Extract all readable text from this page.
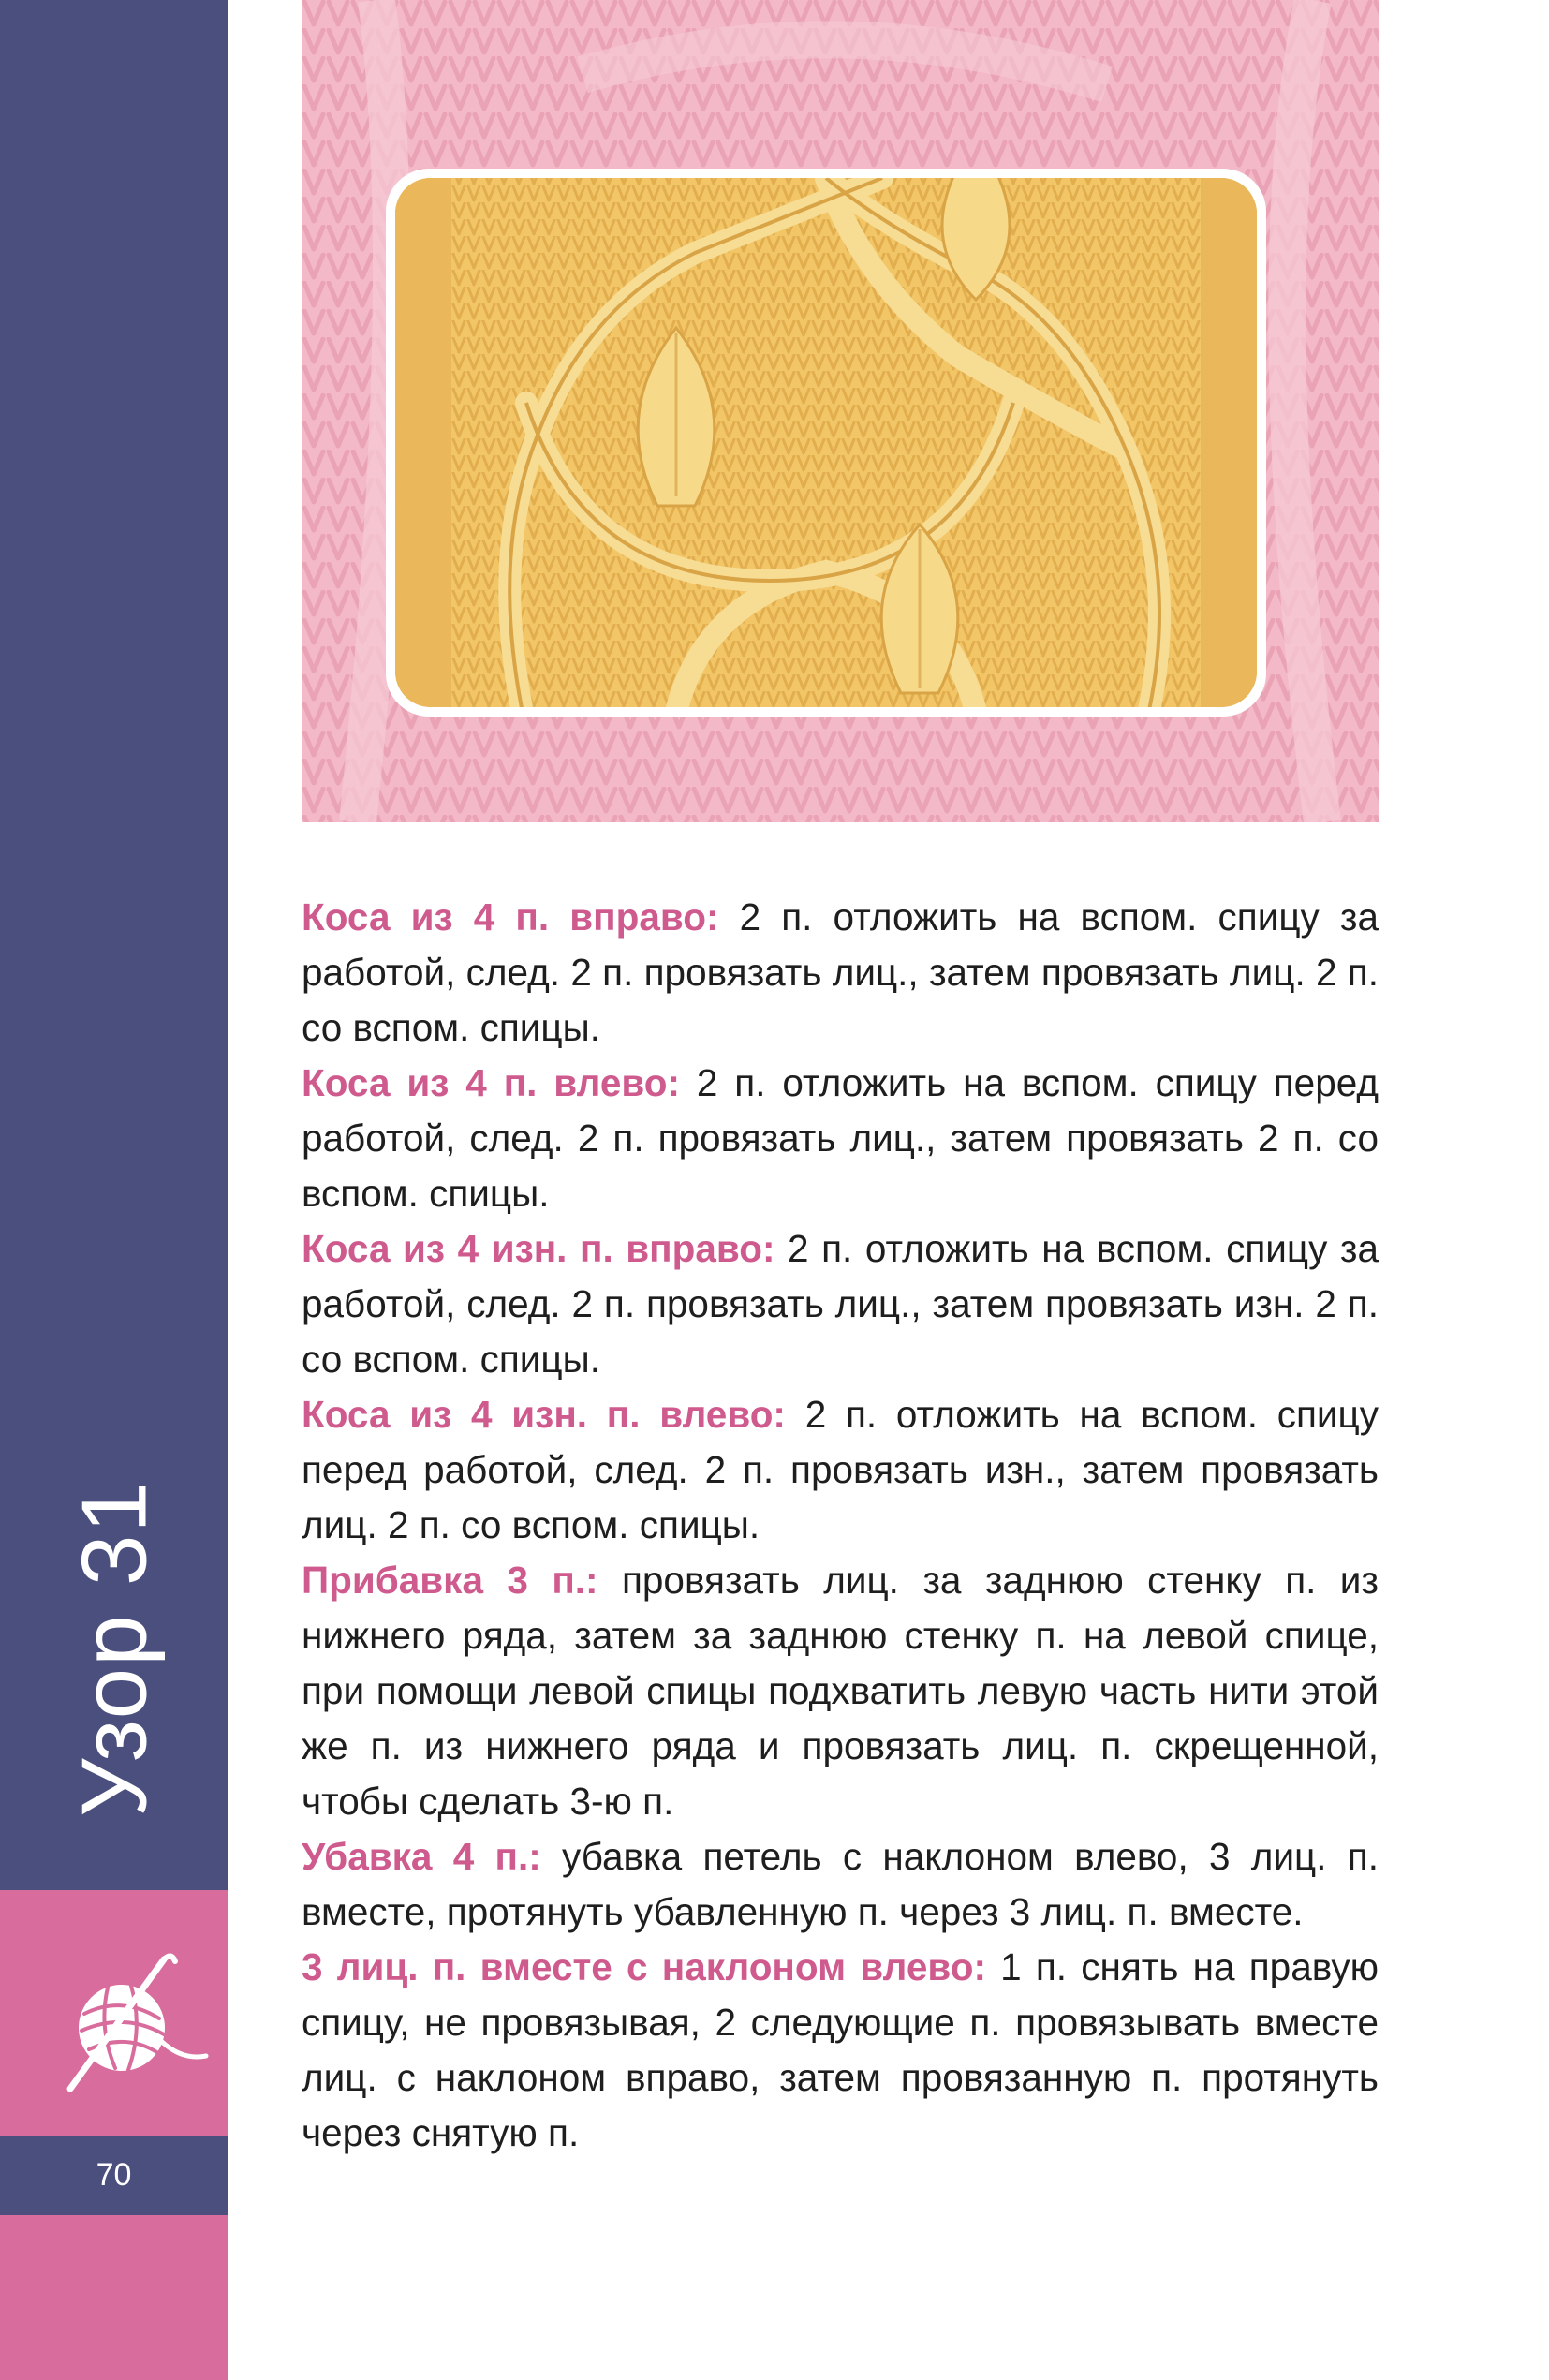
Узор 31
70

Коса из 4 п. вправо: 2 п. отложить на вспом. спицу за работой, след. 2 п. провязать лиц., затем провязать лиц. 2 п. со вспом. спицы.

Коса из 4 п. влево: 2 п. отложить на вспом. спицу перед работой, след. 2 п. провязать лиц., затем провязать 2 п. со вспом. спицы.

Коса из 4 изн. п. вправо: 2 п. отложить на вспом. спицу за работой, след. 2 п. провязать лиц., затем провязать изн. 2 п. со вспом. спицы.

Коса из 4 изн. п. влево: 2 п. отложить на вспом. спицу перед работой, след. 2 п. провязать изн., затем провязать лиц. 2 п. со вспом. спицы.

Прибавка 3 п.: провязать лиц. за заднюю стенку п. из нижнего ряда, затем за заднюю стенку п. на левой спице, при помощи левой спицы подхватить левую часть нити этой же п. из нижнего ряда и провязать лиц. п. скрещенной, чтобы сделать 3-ю п.

Убавка 4 п.: убавка петель с наклоном влево, 3 лиц. п. вместе, протянуть убавленную п. через 3 лиц. п. вместе.

3 лиц. п. вместе с наклоном влево: 1 п. снять на правую спицу, не провязывая, 2 следующие п. провязывать вместе лиц. с наклоном вправо, затем провязанную п. протянуть через снятую п.
